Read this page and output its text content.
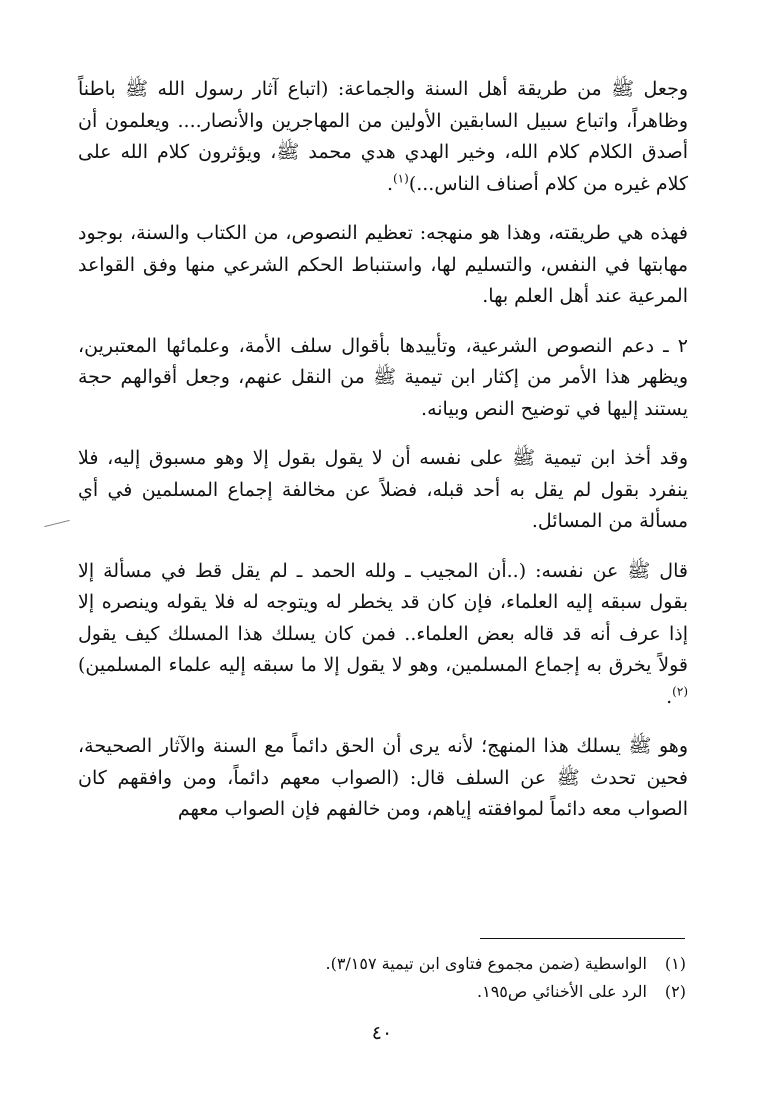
وجعل ﷺ من طريقة أهل السنة والجماعة: (اتباع آثار رسول الله ﷺ باطناً وظاهراً، واتباع سبيل السابقين الأولين من المهاجرين والأنصار.... ويعلمون أن أصدق الكلام كلام الله، وخير الهدي هدي محمد ﷺ، ويؤثرون كلام الله على كلام غيره من كلام أصناف الناس...)$^{(١)}$.

فهذه هي طريقته، وهذا هو منهجه: تعظيم النصوص، من الكتاب والسنة، بوجود مهابتها في النفس، والتسليم لها، واستنباط الحكم الشرعي منها وفق القواعد المرعية عند أهل العلم بها.

٢ ـ دعم النصوص الشرعية، وتأييدها بأقوال سلف الأمة، وعلمائها المعتبرين، ويظهر هذا الأمر من إكثار ابن تيمية ﷺ من النقل عنهم، وجعل أقوالهم حجة يستند إليها في توضيح النص وبيانه.

وقد أخذ ابن تيمية ﷺ على نفسه أن لا يقول بقول إلا وهو مسبوق إليه، فلا ينفرد بقول لم يقل به أحد قبله، فضلاً عن مخالفة إجماع المسلمين في أي مسألة من المسائل.

قال ﷺ عن نفسه: (..أن المجيب ـ ولله الحمد ـ لم يقل قط في مسألة إلا بقول سبقه إليه العلماء، فإن كان قد يخطر له ويتوجه له فلا يقوله وينصره إلا إذا عرف أنه قد قاله بعض العلماء.. فمن كان يسلك هذا المسلك كيف يقول قولاً يخرق به إجماع المسلمين، وهو لا يقول إلا ما سبقه إليه علماء المسلمين)$^{(٢)}$.

وهو ﷺ يسلك هذا المنهج؛ لأنه يرى أن الحق دائماً مع السنة والآثار الصحيحة، فحين تحدث ﷺ عن السلف قال: (الصواب معهم دائماً، ومن وافقهم كان الصواب معه دائماً لموافقته إياهم، ومن خالفهم فإن الصواب معهم

(١) الواسطية (ضمن مجموع فتاوى ابن تيمية ٣/١٥٧).

(٢) الرد على الأخنائي ص١٩٥.

٤٠
